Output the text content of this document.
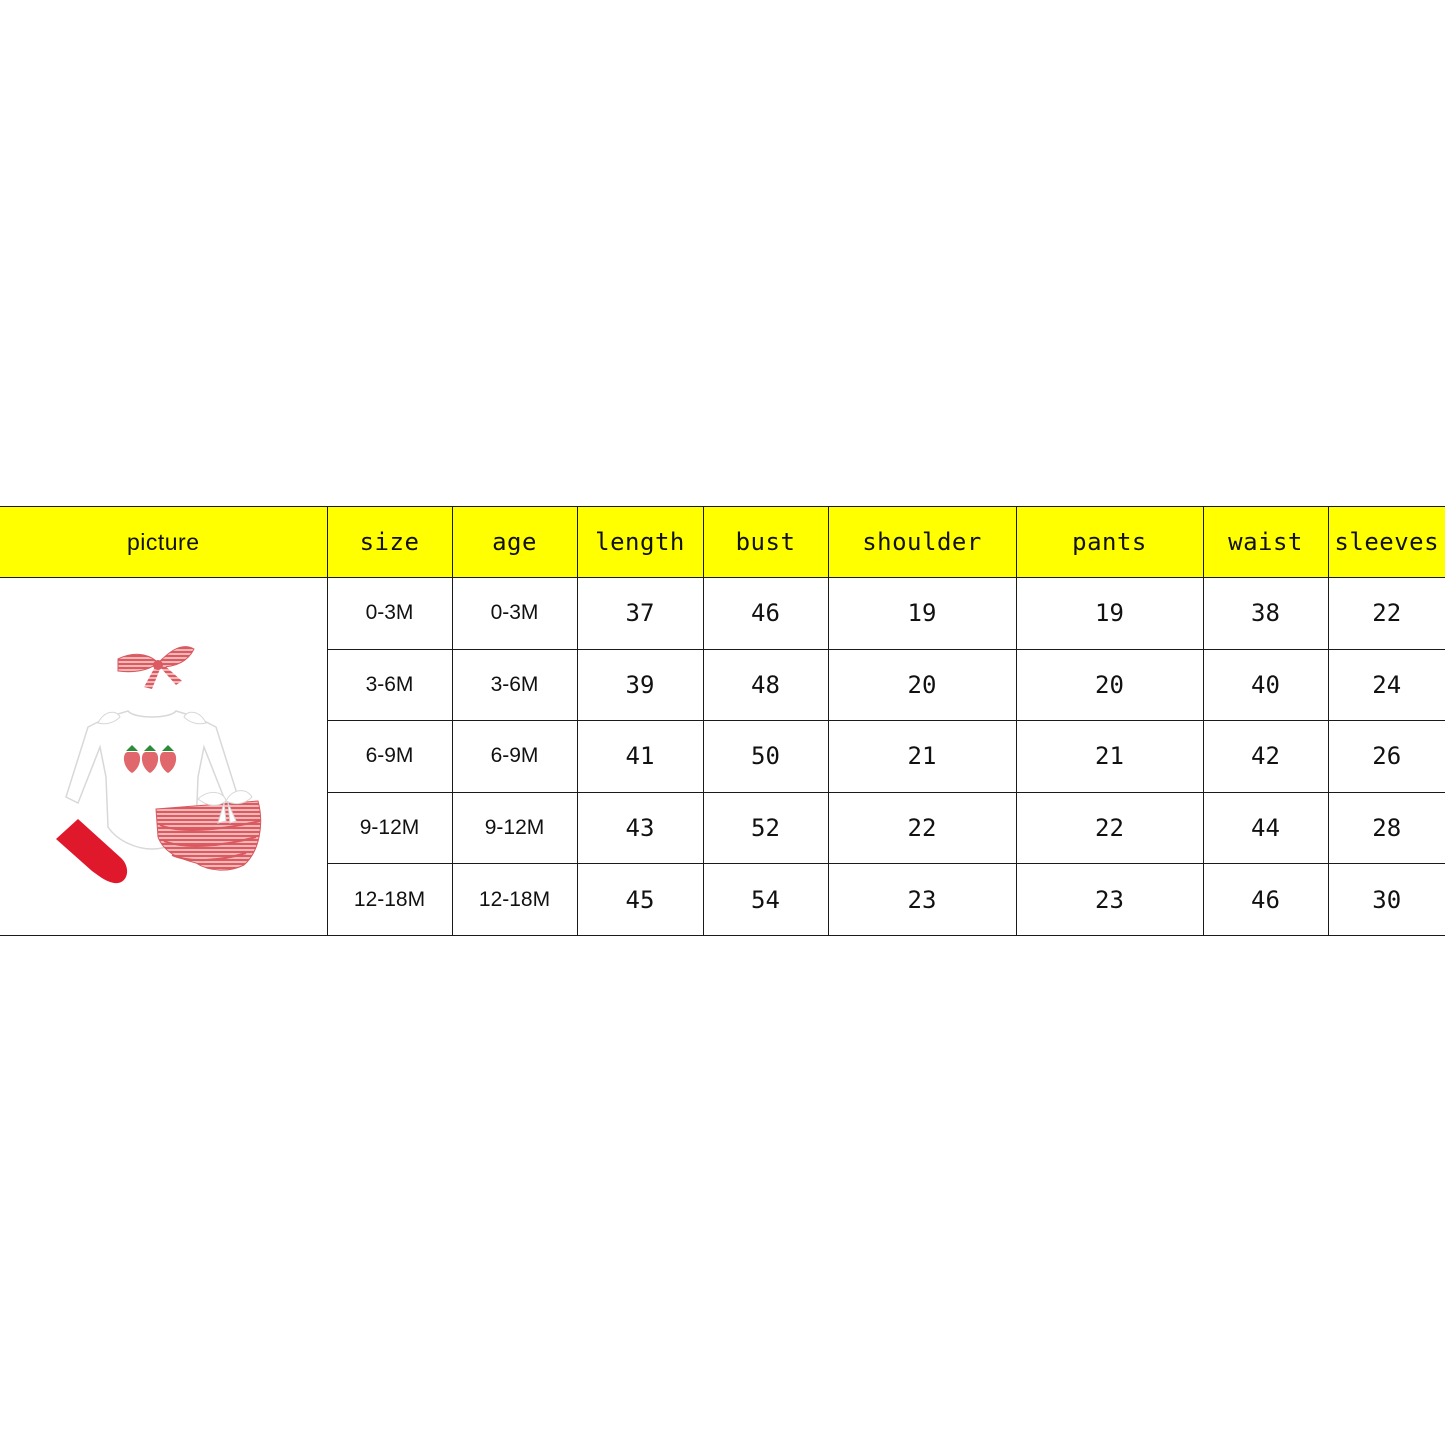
picture	size	age	length	bust	shoulder	pants	waist	sleeves

	0-3M	0-3M	37	46	19	19	38	22
	3-6M	3-6M	39	48	20	20	40	24
	6-9M	6-9M	41	50	21	21	42	26
	9-12M	9-12M	43	52	22	22	44	28
	12-18M	12-18M	45	54	23	23	46	30
